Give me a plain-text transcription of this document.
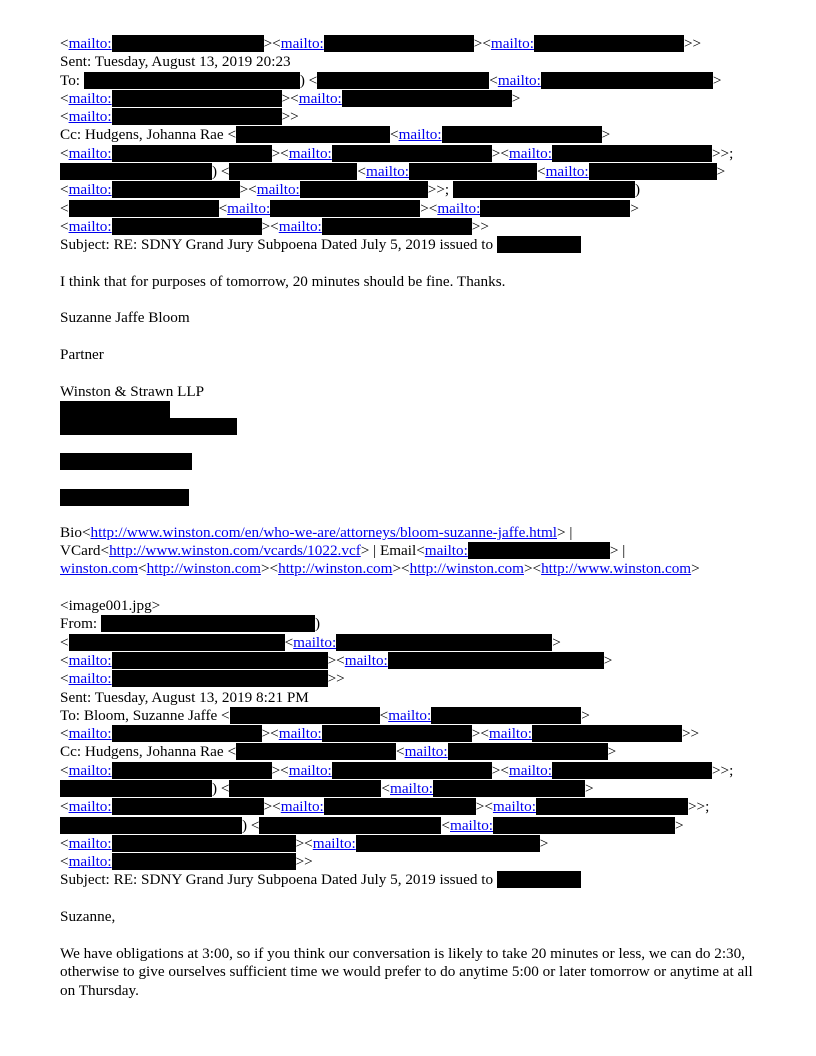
<mailto:	><mailto:	><mailto:	>>
Sent: Tuesday, August 13, 2019 20:23
To:	) <	<mailto:	>
<mailto:	><mailto:	>
<mailto:	>>
Cc: Hudgens, Johanna Rae <	<mailto:	>
<mailto:	><mailto:	><mailto:	>>;
) <	<mailto:	<mailto:	>
<mailto:	><mailto:	>>;	)
<	<mailto:	><mailto:	>
<mailto:	><mailto:	>>
Subject: RE: SDNY Grand Jury Subpoena Dated July 5, 2019 issued to
I think that for purposes of tomorrow, 20 minutes should be fine. Thanks.
Suzanne Jaffe Bloom
Partner
Winston & Strawn LLP
Bio<http://www.winston.com/en/who-we-are/attorneys/bloom-suzanne-jaffe.html> |
VCard<http://www.winston.com/vcards/1022.vcf> | Email<mailto:	> |
winston.com<http://winston.com><http://winston.com><http://winston.com><http://www.winston.com>
<image001.jpg>
From:	)
<	<mailto:	>
<mailto:	><mailto:	>
<mailto:	>>
Sent: Tuesday, August 13, 2019 8:21 PM
To: Bloom, Suzanne Jaffe <	<mailto:	>
<mailto:	><mailto:	><mailto:	>>
Cc: Hudgens, Johanna Rae <	<mailto:	>
<mailto:	><mailto:	><mailto:	>>;
) <	<mailto:	>
<mailto:	><mailto:	><mailto:	>>;
) <	<mailto:	>
<mailto:	><mailto:	>
<mailto:	>>
Subject: RE: SDNY Grand Jury Subpoena Dated July 5, 2019 issued to
Suzanne,
We have obligations at 3:00, so if you think our conversation is likely to take 20 minutes or less, we can do 2:30, otherwise to give ourselves sufficient time we would prefer to do anytime 5:00 or later tomorrow or anytime at all on Thursday.
